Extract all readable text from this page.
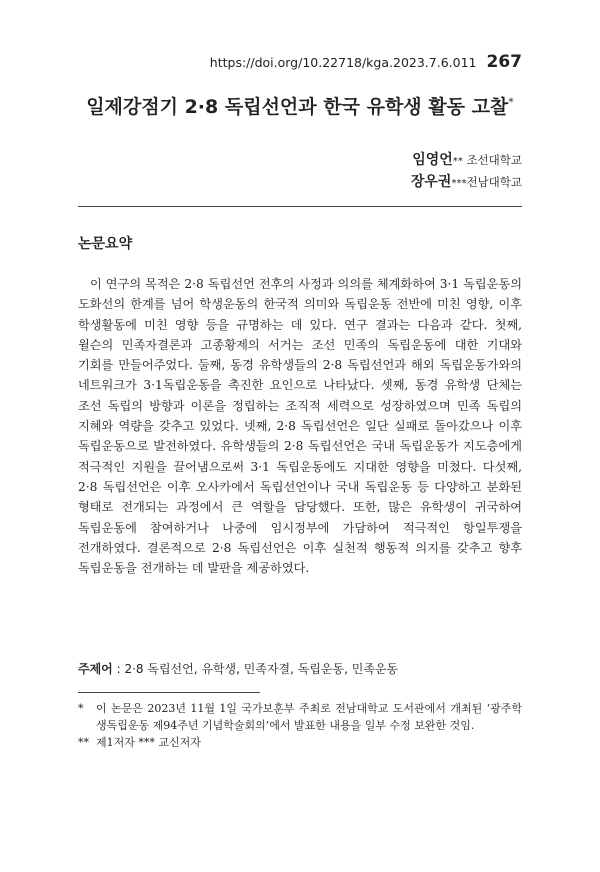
https://doi.org/10.22718/kga.2023.7.6.011 267
일제강점기 2·8 독립선언과 한국 유학생 활동 고찰*
임영언** 조선대학교
장우권***전남대학교
논문요약

이 연구의 목적은 2·8 독립선언 전후의 사정과 의의를 체계화하여 3·1 독립운동의 도화선의 한계를 넘어 학생운동의 한국적 의미와 독립운동 전반에 미친 영향, 이후 학생활동에 미친 영향 등을 규명하는 데 있다. 연구 결과는 다음과 같다. 첫째, 윌슨의 민족자결론과 고종황제의 서거는 조선 민족의 독립운동에 대한 기대와 기회를 만들어주었다. 둘째, 동경 유학생들의 2·8 독립선언과 해외 독립운동가와의 네트워크가 3·1독립운동을 촉진한 요인으로 나타났다. 셋째, 동경 유학생 단체는 조선 독립의 방향과 이론을 정립하는 조직적 세력으로 성장하였으며 민족 독립의 지혜와 역량을 갖추고 있었다. 넷째, 2·8 독립선언은 일단 실패로 돌아갔으나 이후 독립운동으로 발전하였다. 유학생들의 2·8 독립선언은 국내 독립운동가 지도층에게 적극적인 지원을 끌어냄으로써 3·1 독립운동에도 지대한 영향을 미쳤다. 다섯째, 2·8 독립선언은 이후 오사카에서 독립선언이나 국내 독립운동 등 다양하고 분화된 형태로 전개되는 과정에서 큰 역할을 담당했다. 또한, 많은 유학생이 귀국하여 독립운동에 참여하거나 나중에 임시정부에 가담하여 적극적인 항일투쟁을 전개하였다. 결론적으로 2·8 독립선언은 이후 실천적 행동적 의지를 갖추고 향후 독립운동을 전개하는 데 발판을 제공하였다.

주제어 : 2·8 독립선언, 유학생, 민족자결, 독립운동, 민족운동
*	이 논문은 2023년 11월 1일 국가보훈부 주최로 전남대학교 도서관에서 개최된 ‘광주학생독립운동 제94주년 기념학술회의’에서 발표한 내용을 일부 수정 보완한 것임.
** 제1저자 *** 교신저자
